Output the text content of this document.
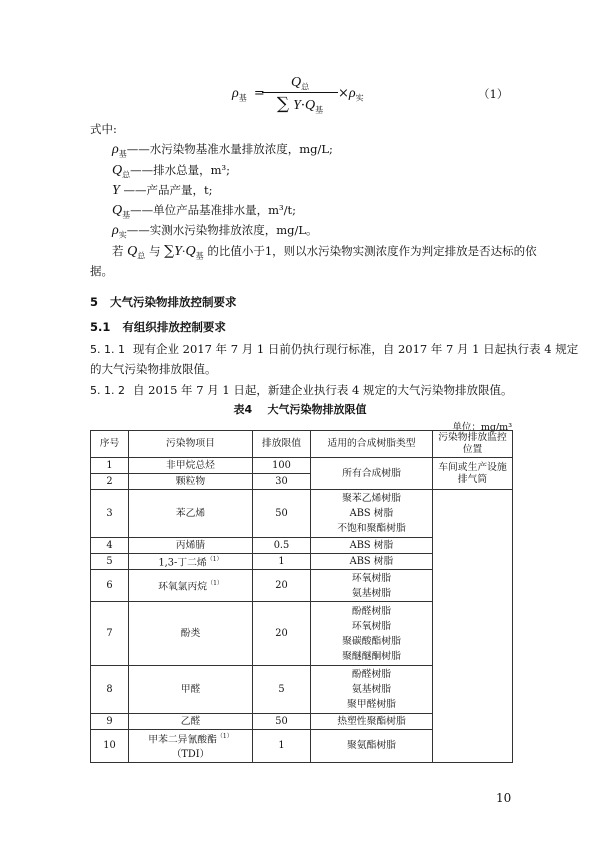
$\rho_基$ =
$Q_总$
∑ $Y\cdot Q_基$
$\times\rho_实$	（1）
式中:
$\rho_基——$水污染物基准水量排放浓度，mg/L;
$Q_总——$排水总量，m³;
Y ——产品产量，t;
$Q_基——$单位产品基准排水量，m³/t;
$\rho_实——$实测水污染物排放浓度，mg/L。
若 $Q_总$ 与 $\sum Y\cdot Q_基$ 的比值小于1，则以水污染物实测浓度作为判定排放是否达标的依
据。
5 大气污染物排放控制要求
5.1 有组织排放控制要求
5. 1. 1 现有企业 2017 年 7 月 1 日前仍执行现行标准，自 2017 年 7 月 1 日起执行表 4 规定
的大气污染物排放限值。
5. 1. 2 自 2015 年 7 月 1 日起，新建企业执行表 4 规定的大气污染物排放限值。
表4    大气污染物排放限值
单位：mg/m³
序号	污染物项目	排放限值	适用的合成树脂类型	污染物排放监控位置
1	非甲烷总烃	100	所有合成树脂	车间或生产设施
排气筒

2	颗粒物	30		
3	苯乙烯	50	聚苯乙烯树脂
ABS 树脂
不饱和聚酯树脂	

4	丙烯腈	0.5	ABS 树脂	

5	1,3-丁二烯$^{(1)}$	1	ABS 树脂	

6	环氧氯丙烷$^{(1)}$	20	环氧树脂
氨基树脂	

7	酚类	20	酚醛树脂
环氧树脂
聚碳酸酯树脂
聚醚醚酮树脂	

8	甲醛	5	酚醛树脂
氨基树脂
聚甲醛树脂	

9	乙醛	50	热塑性聚酯树脂	

10	甲苯二异氰酸酯$^{(1)}$
（TDI）	1	聚氨酯树脂	
10
